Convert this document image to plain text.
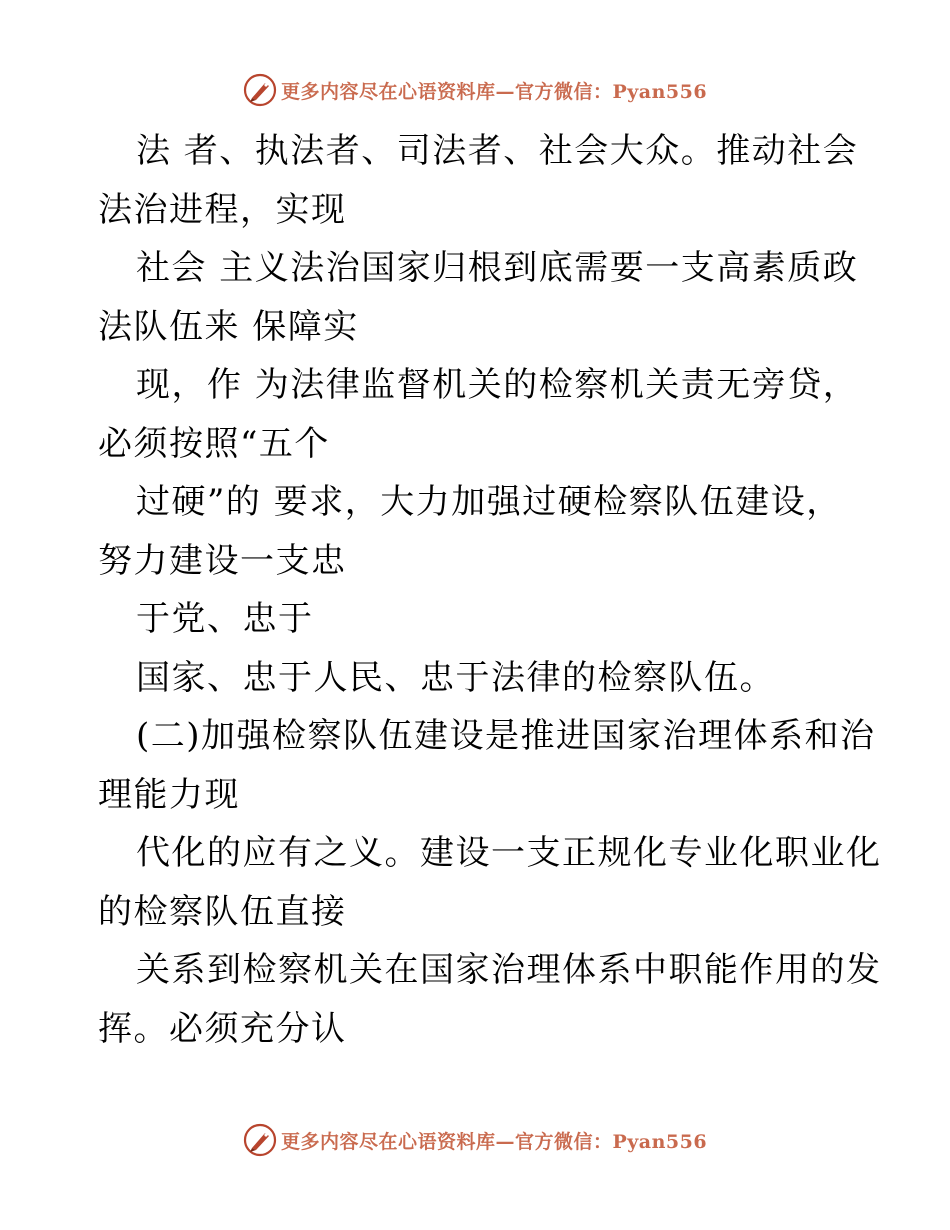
更多内容尽在心语资料库—官方微信：Pyan556
法 者、执法者、司法者、社会大众。推动社会
法治进程，实现
社会 主义法治国家归根到底需要一支高素质政
法队伍来 保障实
现，作 为法律监督机关的检察机关责无旁贷，
必须按照“五个
过硬”的 要求，大力加强过硬检察队伍建设，
努力建设一支忠
于党、忠于
国家、忠于人民、忠于法律的检察队伍。
(二)加强检察队伍建设是推进国家治理体系和治
理能力现
代化的应有之义。建设一支正规化专业化职业化
的检察队伍直接
关系到检察机关在国家治理体系中职能作用的发
挥。必须充分认
更多内容尽在心语资料库—官方微信：Pyan556
